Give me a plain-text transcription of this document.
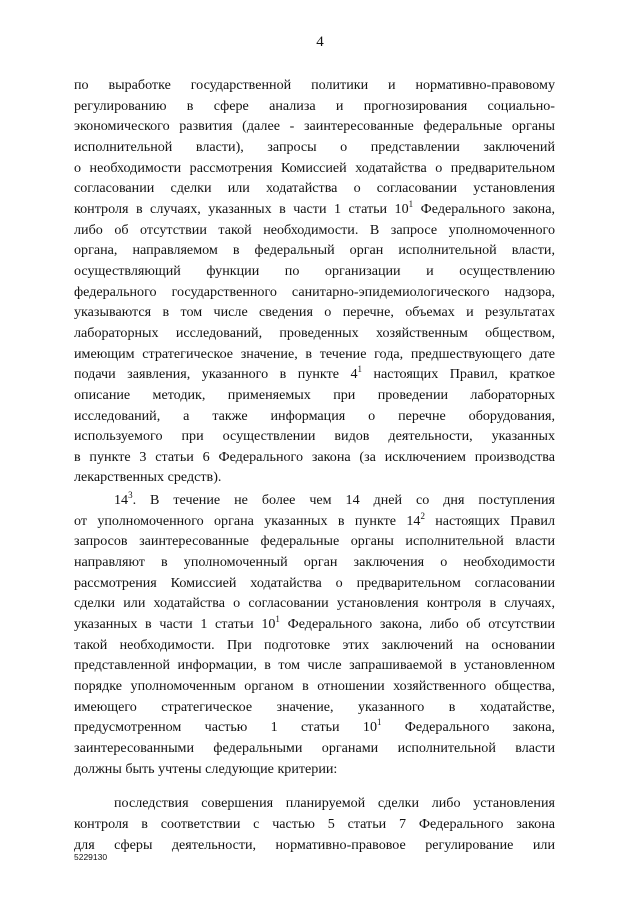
4
по выработке государственной политики и нормативно-правовому
регулированию в сфере анализа и прогнозирования социально-
экономического развития (далее - заинтересованные федеральные органы
исполнительной власти), запросы о представлении заключений
о необходимости рассмотрения Комиссией ходатайства о предварительном
согласовании сделки или ходатайства о согласовании установления
контроля в случаях, указанных в части 1 статьи $10^1$ Федерального закона,
либо об отсутствии такой необходимости. В запросе уполномоченного
органа, направляемом в федеральный орган исполнительной власти,
осуществляющий функции по организации и осуществлению
федерального государственного санитарно-эпидемиологического надзора,
указываются в том числе сведения о перечне, объемах и результатах
лабораторных исследований, проведенных хозяйственным обществом,
имеющим стратегическое значение, в течение года, предшествующего дате
подачи заявления, указанного в пункте $4^1$ настоящих Правил, краткое
описание методик, применяемых при проведении лабораторных
исследований, а также информация о перечне оборудования,
используемого при осуществлении видов деятельности, указанных
в пункте 3 статьи 6 Федерального закона (за исключением производства
лекарственных средств).
$14^3$. В течение не более чем 14 дней со дня поступления
от уполномоченного органа указанных в пункте $14^2$ настоящих Правил
запросов заинтересованные федеральные органы исполнительной власти
направляют в уполномоченный орган заключения о необходимости
рассмотрения Комиссией ходатайства о предварительном согласовании
сделки или ходатайства о согласовании установления контроля в случаях,
указанных в части 1 статьи $10^1$ Федерального закона, либо об отсутствии
такой необходимости. При подготовке этих заключений на основании
представленной информации, в том числе запрашиваемой в установленном
порядке уполномоченным органом в отношении хозяйственного общества,
имеющего стратегическое значение, указанного в ходатайстве,
предусмотренном частью 1 статьи $10^1$ Федерального закона,
заинтересованными федеральными органами исполнительной власти
должны быть учтены следующие критерии:
последствия совершения планируемой сделки либо установления
контроля в соответствии с частью 5 статьи 7 Федерального закона
для сферы деятельности, нормативно-правовое регулирование или
5229130
